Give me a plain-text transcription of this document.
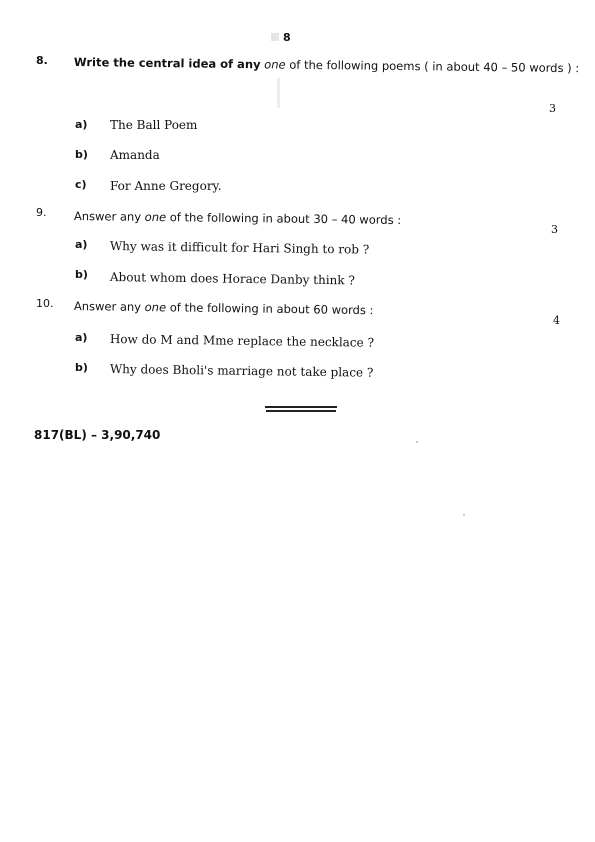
8
8. Write the central idea of any one of the following poems ( in about 40 – 50 words ) :
3
a) The Ball Poem
b) Amanda
c) For Anne Gregory.
9. Answer any one of the following in about 30 – 40 words :
3
a) Why was it difficult for Hari Singh to rob ?
b) About whom does Horace Danby think ?
10. Answer any one of the following in about 60 words :
4
a) How do M and Mme replace the necklace ?
b) Why does Bholi's marriage not take place ?
817(BL) – 3,90,740
